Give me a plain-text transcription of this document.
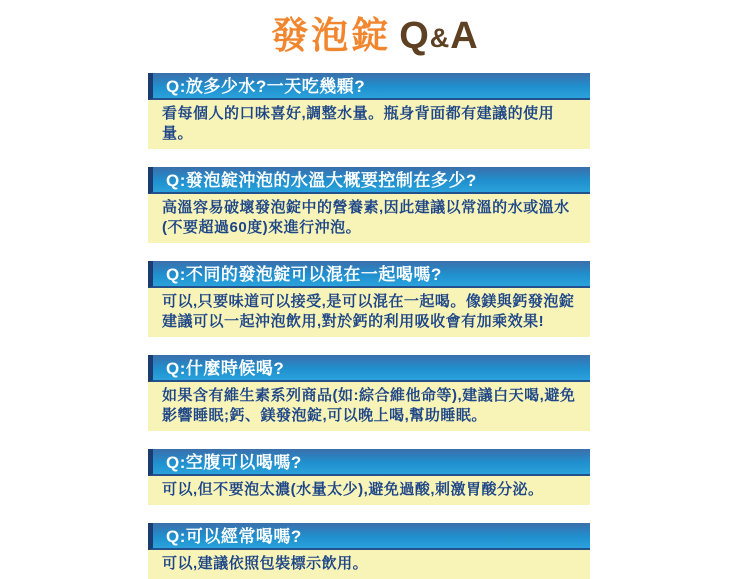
發泡錠 Q&A
Q:放多少水?一天吃幾顆?
看每個人的口味喜好,調整水量。瓶身背面都有建議的使用量。
Q:發泡錠沖泡的水溫大概要控制在多少?
高溫容易破壞發泡錠中的營養素,因此建議以常溫的水或溫水(不要超過60度)來進行沖泡。
Q:不同的發泡錠可以混在一起喝嗎?
可以,只要味道可以接受,是可以混在一起喝。像鎂與鈣發泡錠建議可以一起沖泡飲用,對於鈣的利用吸收會有加乘效果!
Q:什麼時候喝?
如果含有維生素系列商品(如:綜合維他命等),建議白天喝,避免影響睡眠;鈣、鎂發泡錠,可以晚上喝,幫助睡眠。
Q:空腹可以喝嗎?
可以,但不要泡太濃(水量太少),避免過酸,刺激胃酸分泌。
Q:可以經常喝嗎?
可以,建議依照包裝標示飲用。
